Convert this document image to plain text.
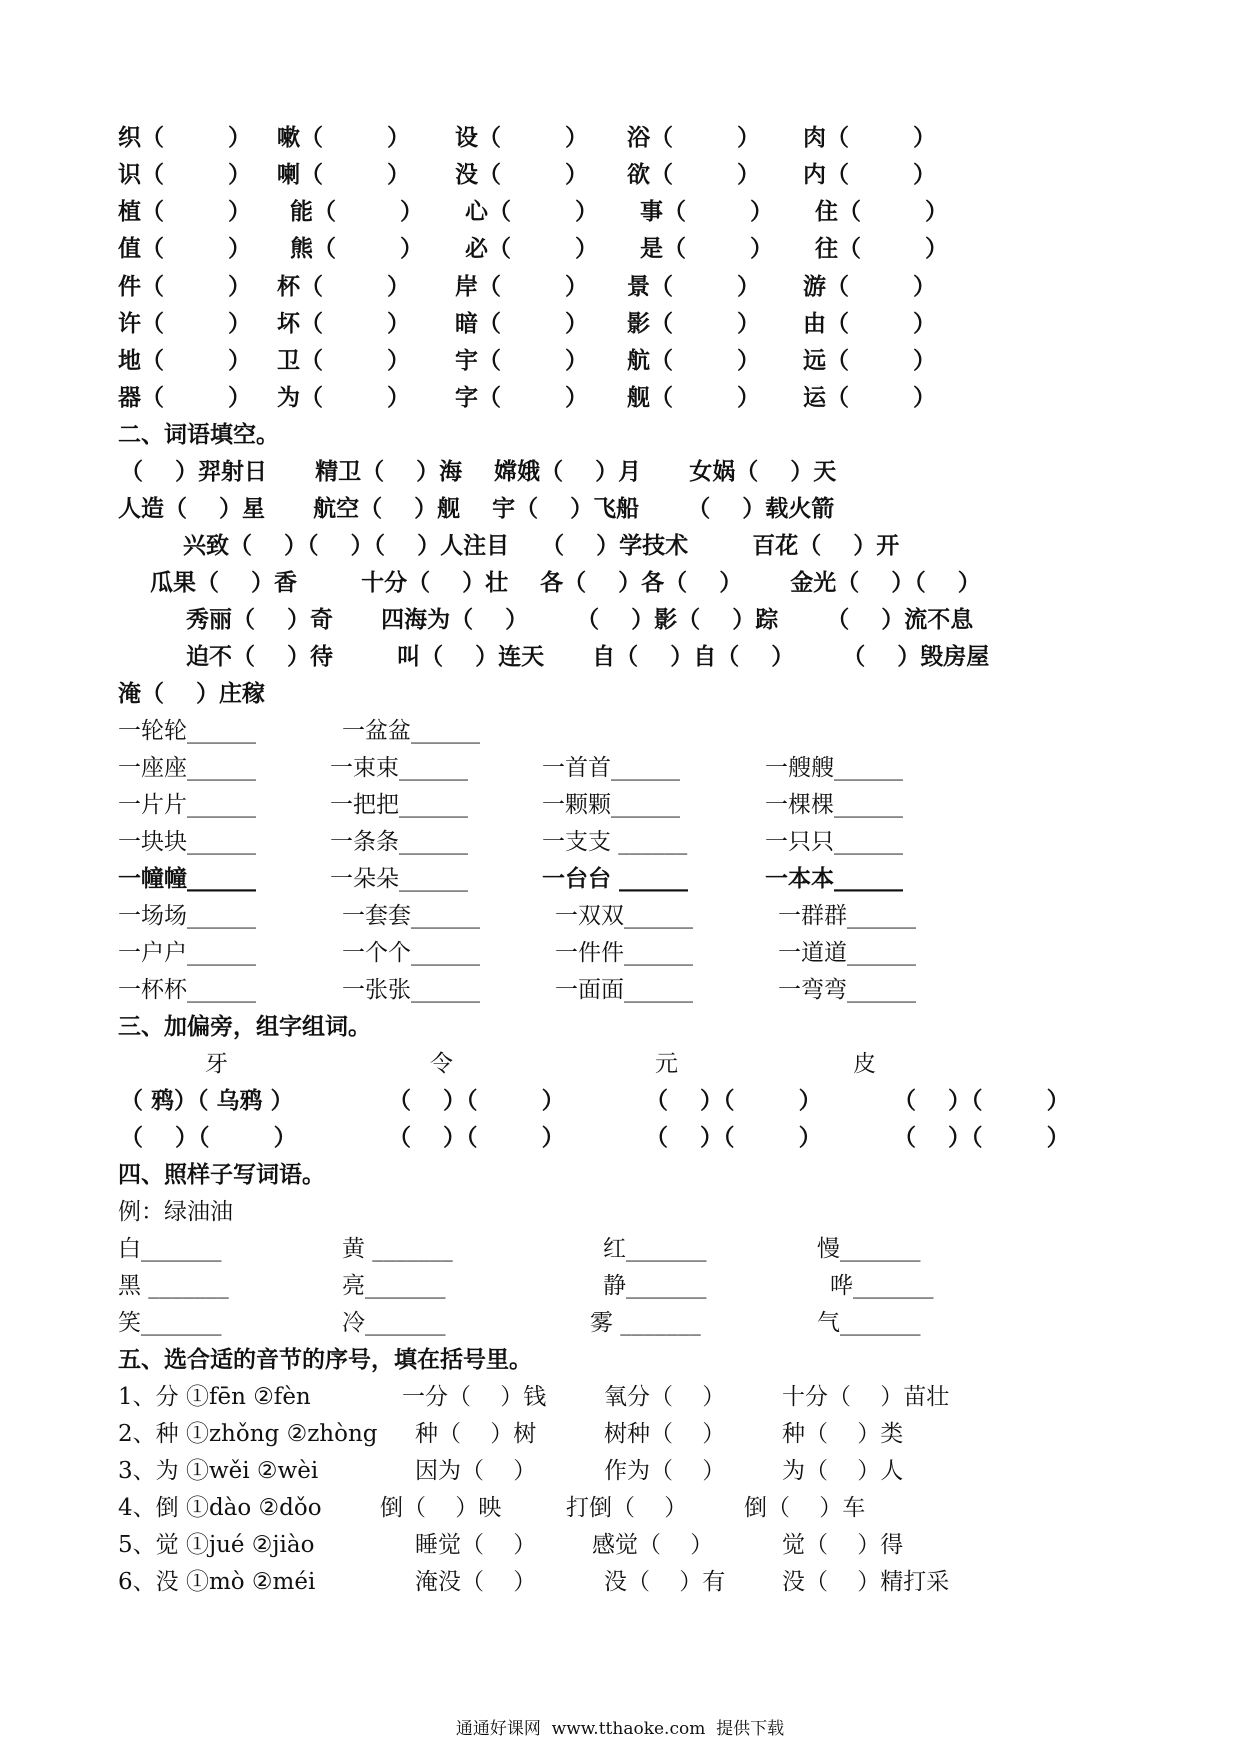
织（        ） 嗽（        ） 设（        ） 浴（        ） 肉（        ）
识（        ） 喇（        ） 没（        ） 欲（        ） 内（        ）
植（        ） 能（        ） 心（        ） 事（        ） 住（        ）
值（        ） 熊（        ） 必（        ） 是（        ） 往（        ）
件（        ） 杯（        ） 岸（        ） 景（        ） 游（        ）
许（        ） 坏（        ） 暗（        ） 影（        ） 由（        ）
地（        ） 卫（        ） 宇（        ） 航（        ） 远（        ）
器（        ） 为（        ） 字（        ） 舰（        ） 运（        ）
二、词语填空。
（    ）羿射日      精卫（    ）海    嫦娥（    ）月      女娲（    ）天
人造（    ）星      航空（    ）舰    宇（    ）飞船      （    ）载火箭
兴致（    ）（    ）（    ）人注目    （    ）学技术        百花（    ）开
瓜果（    ）香        十分（    ）壮    各（    ）各（    ）      金光（    ）（    ）
秀丽（    ）奇      四海为（    ）      （    ）影（    ）踪      （    ）流不息
迫不（    ）待        叫（    ）连天      自（    ）自（    ）      （    ）毁房屋
淹（    ）庄稼
一轮轮______	一盆盆______
一座座______	一束束______	一首首______	一艘艘______
一片片______	一把把______	一颗颗______	一棵棵______
一块块______	一条条______	一支支 ______	一只只______
一幢幢______	一朵朵______	一台台 ______	一本本______
一场场______	一套套______	一双双______	一群群______
一户户______	一个个______	一件件______	一道道______
一杯杯______	一张张______	一面面______	一弯弯______
三、加偏旁，组字组词。
牙	令	元	皮
（ 鸦）（ 乌鸦 ）	（    ）（        ）	（    ）（        ）	（    ）（        ）
（    ）（        ）	（    ）（        ）	（    ）（        ）	（    ）（        ）
四、照样子写词语。
例：绿油油
白_______	黄 _______	红_______	慢_______
黑 _______	亮_______	静_______	哗_______
笑_______	冷_______	雾 _______	气_______
五、选合适的音节的序号，填在括号里。
1、分 ①fēn ②fèn	一分（    ）钱	氧分（    ） 十分（    ）苗壮
2、种 ①zhǒng ②zhòng 种（    ）树	树种（    ） 种（    ）类
3、为 ①wěi ②wèi	因为（    ）	作为（    ） 为（    ）人
4、倒 ①dào ②dǒo	倒（    ）映	打倒（    ） 倒（    ）车
5、觉 ①jué ②jiào	睡觉（    ） 感觉（    ）	觉（    ）得
6、没 ①mò ②méi	淹没（    ）	没（    ）有 没（    ）精打采
通通好课网  www.tthaoke.com  提供下载
